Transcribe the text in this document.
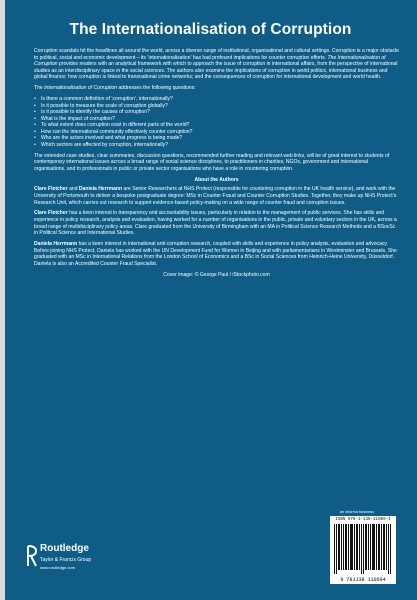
The Internationalisation of Corruption

Corruption scandals hit the headlines all around the world, across a diverse range of institutional, organisational and cultural settings. Corruption is a major obstacle to political, social and economic development – its ‘internationalisation’ has had profound implications for counter corruption efforts. The Internationalisation of Corruption provides readers with an analytical framework with which to approach the issue of corruption in international affairs, from the perspective of international studies as an interdisciplinary space in the social sciences. The authors also examine the implications of corruption in world politics, international business and global finance; how corruption is linked to transnational crime networks; and the consequences of corruption for international development and world health.

The Internationalisation of Corruption addresses the following questions:

• Is there a common definition of ‘corruption’, internationally?
• Is it possible to measure the scale of corruption globally?
• Is it possible to identify the causes of corruption?
• What is the impact of corruption?
• To what extent does corruption exist in different parts of the world?
• How can the international community effectively counter corruption?
• Who are the actors involved and what progress is being made?
• Which sectors are affected by corruption, internationally?

The extended case studies, clear summaries, discussion questions, recommended further reading and relevant web links, will be of great interest to students of contemporary international issues across a broad range of social science disciplines, to practitioners in charities, NGOs, government and international organisations, and to professionals in public or private sector organisations who have a role in countering corruption.

About the Authors

Clare Fletcher and Daniela Herrmann are Senior Researchers at NHS Protect (responsible for countering corruption in the UK health service), and work with the University of Portsmouth to deliver a bespoke postgraduate degree: MSc in Counter Fraud and Counter Corruption Studies. Together, they make up NHS Protect’s Research Unit, which carries out research to support evidence-based policy-making on a wide range of counter fraud and corruption issues.

Clare Fletcher has a keen interest in transparency and accountability issues, particularly in relation to the management of public services. She has skills and experience in policy research, analysis and evaluation, having worked for a number of organisations in the public, private and voluntary sectors in the UK, across a broad range of multidisciplinary policy areas. Clare graduated from the University of Birmingham with an MA in Political Science Research Methods and a BSocSc in Political Science and International Studies.

Daniela Herrmann has a keen interest in international anti-corruption research, coupled with skills and experience in policy analysis, evaluation and advocacy. Before joining NHS Protect, Daniela has worked with the UN Development Fund for Women in Beijing and with parliamentarians in Westminster and Brussels. She graduated with an MSc in International Relations from the London School of Economics and a BSc in Social Sciences from Heinrich-Heine University, Düsseldorf. Daniela is also an Accredited Counter Fraud Specialist.

Cover image: © George Paul / iStockphoto.com
an informa business
Routledge
Taylor & Francis Group
www.routledge.com
ISBN 978-1-138-11069-4
9 781138 110694
